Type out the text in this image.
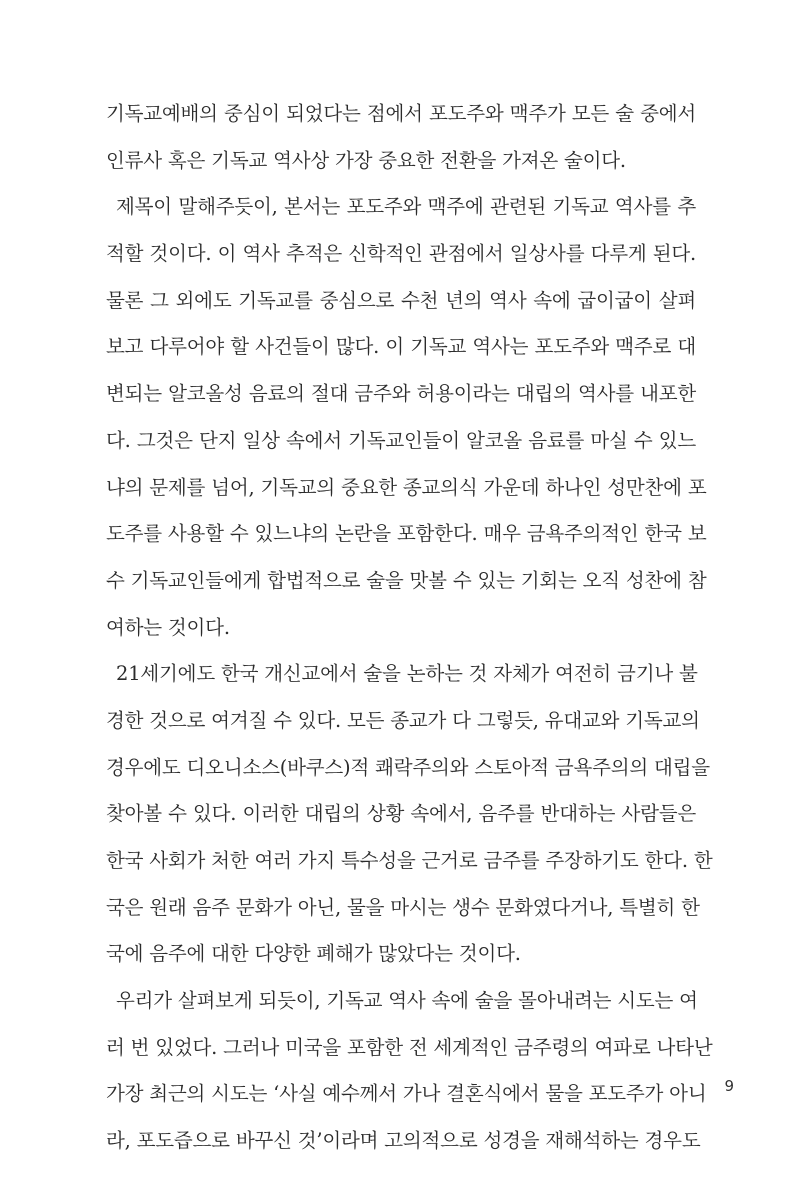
기독교예배의 중심이 되었다는 점에서 포도주와 맥주가 모든 술 중에서
인류사 혹은 기독교 역사상 가장 중요한 전환을 가져온 술이다.
제목이 말해주듯이, 본서는 포도주와 맥주에 관련된 기독교 역사를 추
적할 것이다. 이 역사 추적은 신학적인 관점에서 일상사를 다루게 된다.
물론 그 외에도 기독교를 중심으로 수천 년의 역사 속에 굽이굽이 살펴
보고 다루어야 할 사건들이 많다. 이 기독교 역사는 포도주와 맥주로 대
변되는 알코올성 음료의 절대 금주와 허용이라는 대립의 역사를 내포한
다. 그것은 단지 일상 속에서 기독교인들이 알코올 음료를 마실 수 있느
냐의 문제를 넘어, 기독교의 중요한 종교의식 가운데 하나인 성만찬에 포
도주를 사용할 수 있느냐의 논란을 포함한다. 매우 금욕주의적인 한국 보
수 기독교인들에게 합법적으로 술을 맛볼 수 있는 기회는 오직 성찬에 참
여하는 것이다.
21세기에도 한국 개신교에서 술을 논하는 것 자체가 여전히 금기나 불
경한 것으로 여겨질 수 있다. 모든 종교가 다 그렇듯, 유대교와 기독교의
경우에도 디오니소스(바쿠스)적 쾌락주의와 스토아적 금욕주의의 대립을
찾아볼 수 있다. 이러한 대립의 상황 속에서, 음주를 반대하는 사람들은
한국 사회가 처한 여러 가지 특수성을 근거로 금주를 주장하기도 한다. 한
국은 원래 음주 문화가 아닌, 물을 마시는 생수 문화였다거나, 특별히 한
국에 음주에 대한 다양한 폐해가 많았다는 것이다.
우리가 살펴보게 되듯이, 기독교 역사 속에 술을 몰아내려는 시도는 여
러 번 있었다. 그러나 미국을 포함한 전 세계적인 금주령의 여파로 나타난
가장 최근의 시도는 ‘사실 예수께서 가나 결혼식에서 물을 포도주가 아니
라, 포도즙으로 바꾸신 것’이라며 고의적으로 성경을 재해석하는 경우도
9
